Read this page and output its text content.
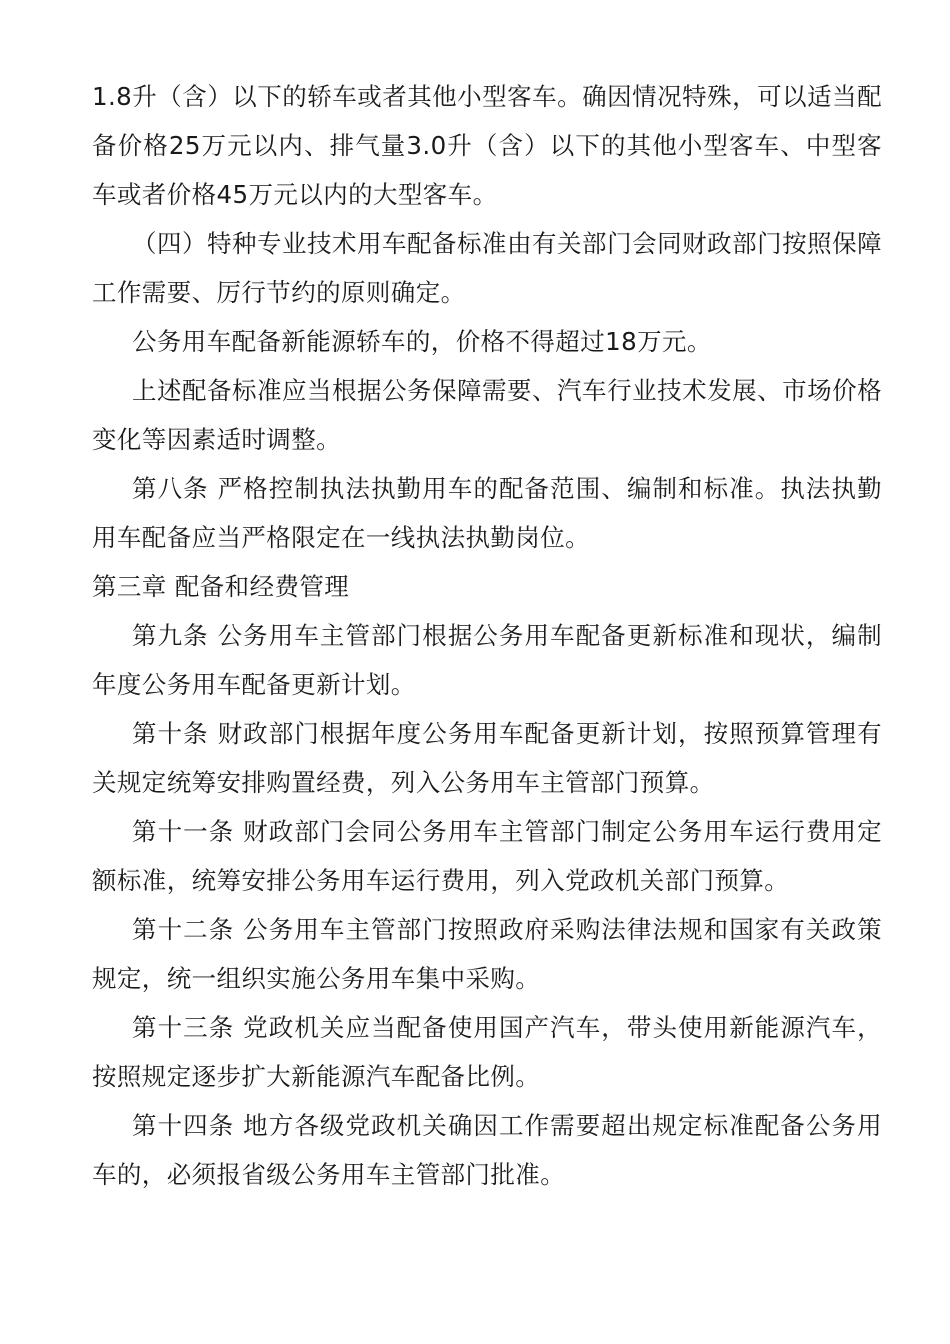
1.8升（含）以下的轿车或者其他小型客车。确因情况特殊，可以适当配备价格25万元以内、排气量3.0升（含）以下的其他小型客车、中型客车或者价格45万元以内的大型客车。

（四）特种专业技术用车配备标准由有关部门会同财政部门按照保障工作需要、厉行节约的原则确定。

公务用车配备新能源轿车的，价格不得超过18万元。

上述配备标准应当根据公务保障需要、汽车行业技术发展、市场价格变化等因素适时调整。

第八条 严格控制执法执勤用车的配备范围、编制和标准。执法执勤用车配备应当严格限定在一线执法执勤岗位。

第三章 配备和经费管理

第九条 公务用车主管部门根据公务用车配备更新标准和现状，编制年度公务用车配备更新计划。

第十条 财政部门根据年度公务用车配备更新计划，按照预算管理有关规定统筹安排购置经费，列入公务用车主管部门预算。

第十一条 财政部门会同公务用车主管部门制定公务用车运行费用定额标准，统筹安排公务用车运行费用，列入党政机关部门预算。

第十二条 公务用车主管部门按照政府采购法律法规和国家有关政策规定，统一组织实施公务用车集中采购。

第十三条 党政机关应当配备使用国产汽车，带头使用新能源汽车，按照规定逐步扩大新能源汽车配备比例。

第十四条 地方各级党政机关确因工作需要超出规定标准配备公务用车的，必须报省级公务用车主管部门批准。
